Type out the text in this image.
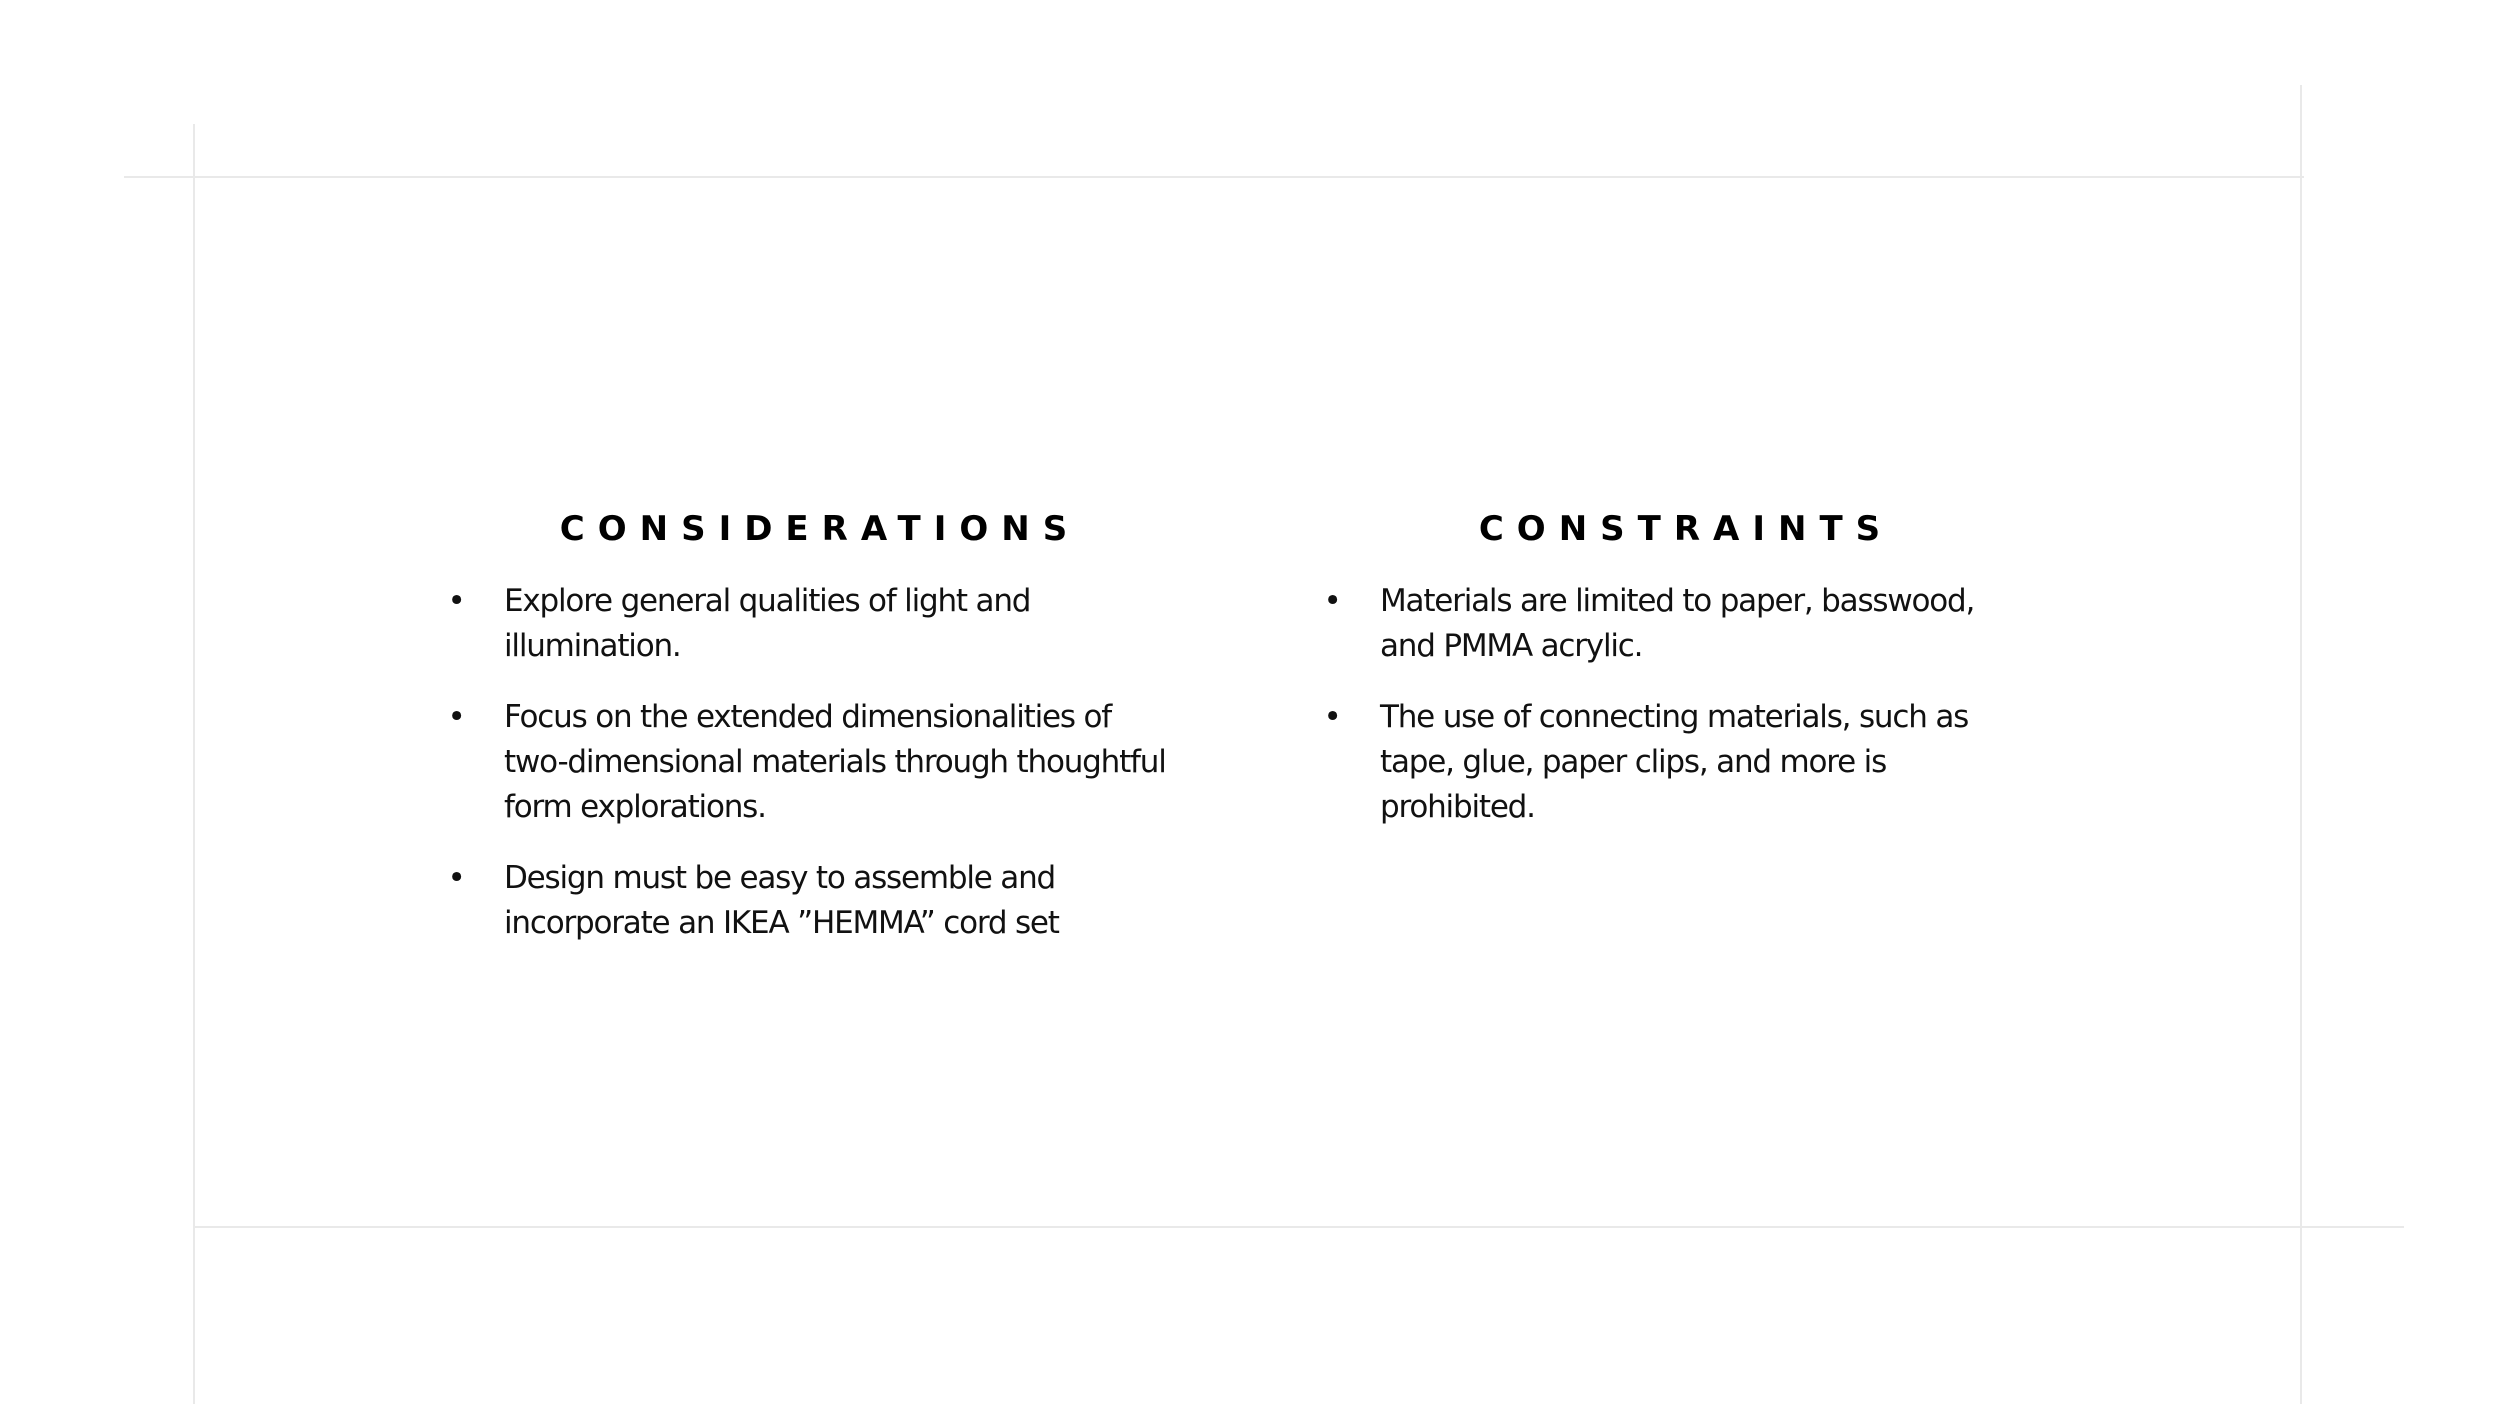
CONSIDERATIONS
• Explore general qualities of light and illumination.
• Focus on the extended dimensionalities of two-dimensional materials through thoughtful form explorations.
• Design must be easy to assemble and incorporate an IKEA ”HEMMA” cord set
CONSTRAINTS
• Materials are limited to paper, basswood, and PMMA acrylic.
• The use of connecting materials, such as tape, glue, paper clips, and more is prohibited.
